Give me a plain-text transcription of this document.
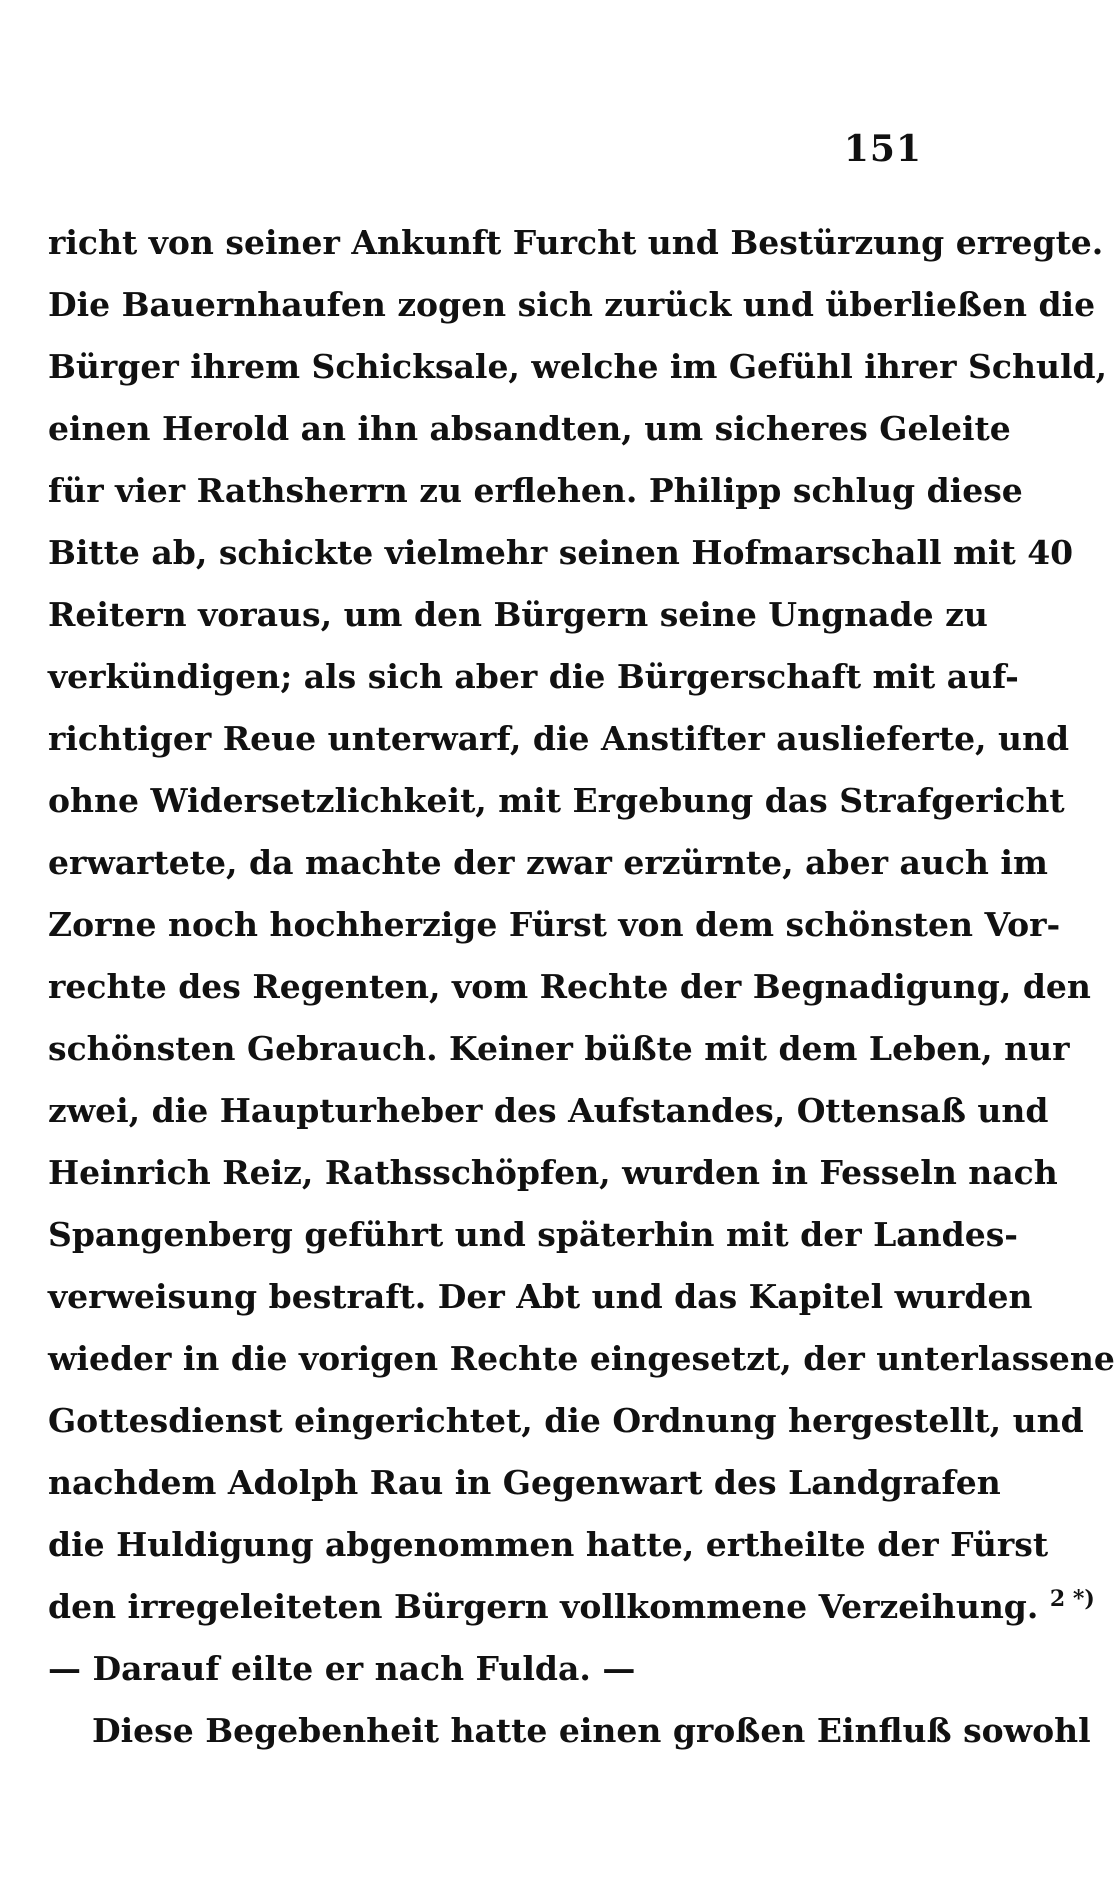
151
richt von seiner Ankunft Furcht und Bestürzung erregte.
Die Bauernhaufen zogen sich zurück und überließen die
Bürger ihrem Schicksale, welche im Gefühl ihrer Schuld,
einen Herold an ihn absandten, um sicheres Geleite
für vier Rathsherrn zu erflehen. Philipp schlug diese
Bitte ab, schickte vielmehr seinen Hofmarschall mit 40
Reitern voraus, um den Bürgern seine Ungnade zu
verkündigen; als sich aber die Bürgerschaft mit auf-
richtiger Reue unterwarf, die Anstifter auslieferte, und
ohne Widersetzlichkeit, mit Ergebung das Strafgericht
erwartete, da machte der zwar erzürnte, aber auch im
Zorne noch hochherzige Fürst von dem schönsten Vor-
rechte des Regenten, vom Rechte der Begnadigung, den
schönsten Gebrauch. Keiner büßte mit dem Leben, nur
zwei, die Haupturheber des Aufstandes, Ottensaß und
Heinrich Reiz, Rathsschöpfen, wurden in Fesseln nach
Spangenberg geführt und späterhin mit der Landes-
verweisung bestraft. Der Abt und das Kapitel wurden
wieder in die vorigen Rechte eingesetzt, der unterlassene
Gottesdienst eingerichtet, die Ordnung hergestellt, und
nachdem Adolph Rau in Gegenwart des Landgrafen
die Huldigung abgenommen hatte, ertheilte der Fürst
den irregeleiteten Bürgern vollkommene Verzeihung. $^{2 *)}$
— Darauf eilte er nach Fulda. —
Diese Begebenheit hatte einen großen Einfluß sowohl
